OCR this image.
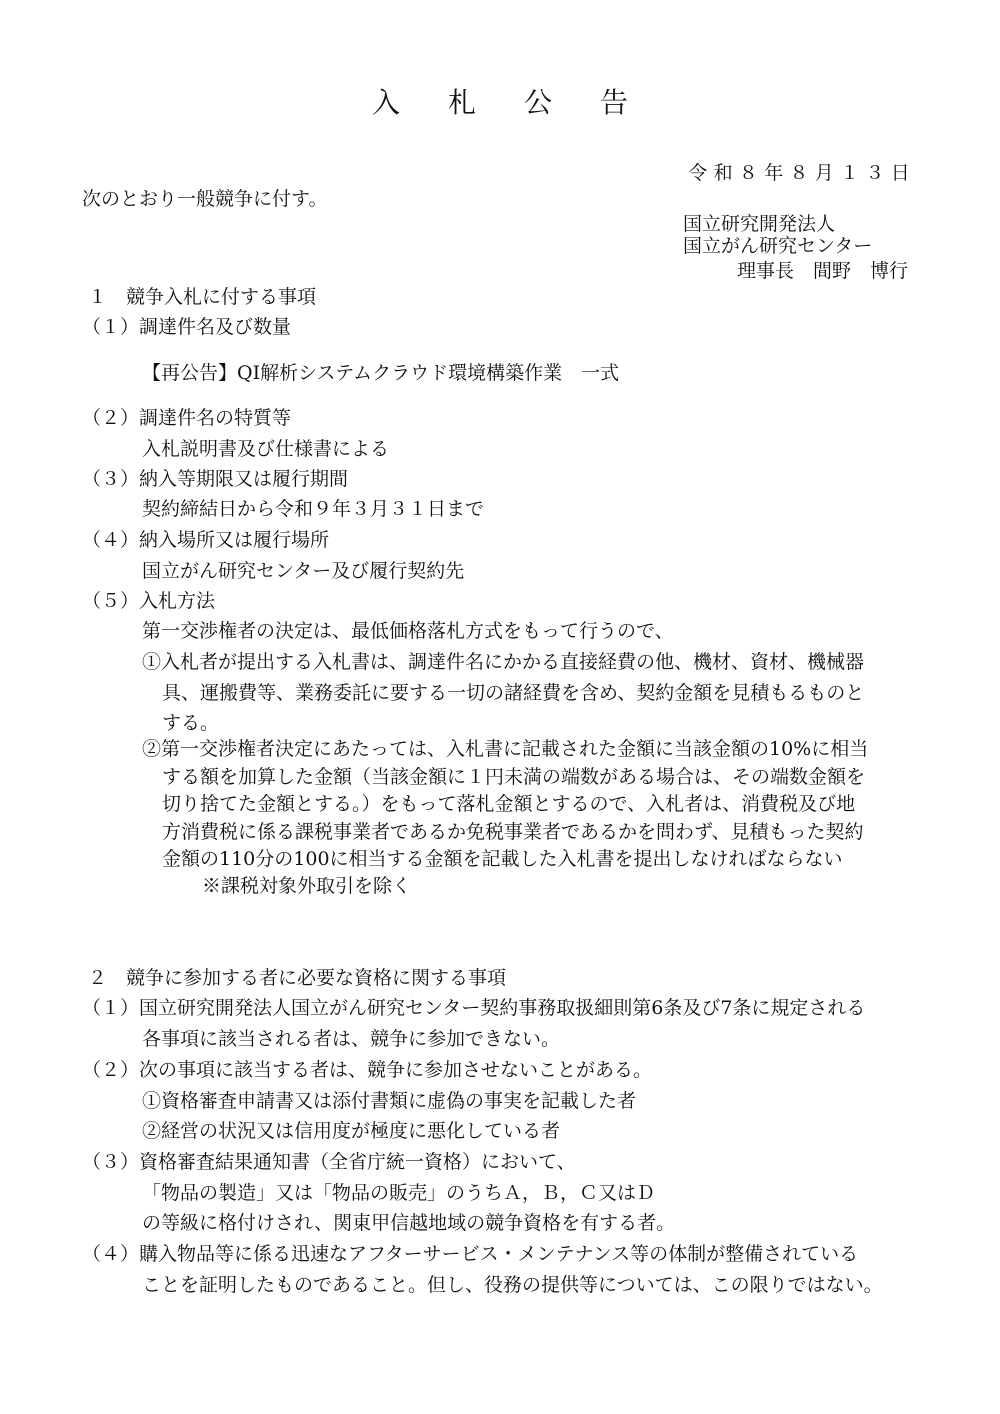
入札公告
令和８年８月１３日
次のとおり一般競争に付す。
国立研究開発法人
国立がん研究センター
理事長　間野　博行
１　競争入札に付する事項
（１）調達件名及び数量
【再公告】QI解析システムクラウド環境構築作業　一式
（２）調達件名の特質等
入札説明書及び仕様書による
（３）納入等期限又は履行期間
契約締結日から令和９年３月３１日まで
（４）納入場所又は履行場所
国立がん研究センター及び履行契約先
（５）入札方法
第一交渉権者の決定は、最低価格落札方式をもって行うので、
①入札者が提出する入札書は、調達件名にかかる直接経費の他、機材、資材、機械器
具、運搬費等、業務委託に要する一切の諸経費を含め、契約金額を見積もるものと
する。
②第一交渉権者決定にあたっては、入札書に記載された金額に当該金額の10%に相当
する額を加算した金額（当該金額に１円未満の端数がある場合は、その端数金額を
切り捨てた金額とする。）をもって落札金額とするので、入札者は、消費税及び地
方消費税に係る課税事業者であるか免税事業者であるかを問わず、見積もった契約
金額の110分の100に相当する金額を記載した入札書を提出しなければならない
※課税対象外取引を除く
２　競争に参加する者に必要な資格に関する事項
（１）国立研究開発法人国立がん研究センター契約事務取扱細則第6条及び7条に規定される
各事項に該当される者は、競争に参加できない。
（２）次の事項に該当する者は、競争に参加させないことがある。
①資格審査申請書又は添付書類に虚偽の事実を記載した者
②経営の状況又は信用度が極度に悪化している者
（３）資格審査結果通知書（全省庁統一資格）において、
「物品の製造」又は「物品の販売」のうちＡ，Ｂ，Ｃ又はＤ
の等級に格付けされ、関東甲信越地域の競争資格を有する者。
（４）購入物品等に係る迅速なアフターサービス・メンテナンス等の体制が整備されている
ことを証明したものであること。但し、役務の提供等については、この限りではない。
